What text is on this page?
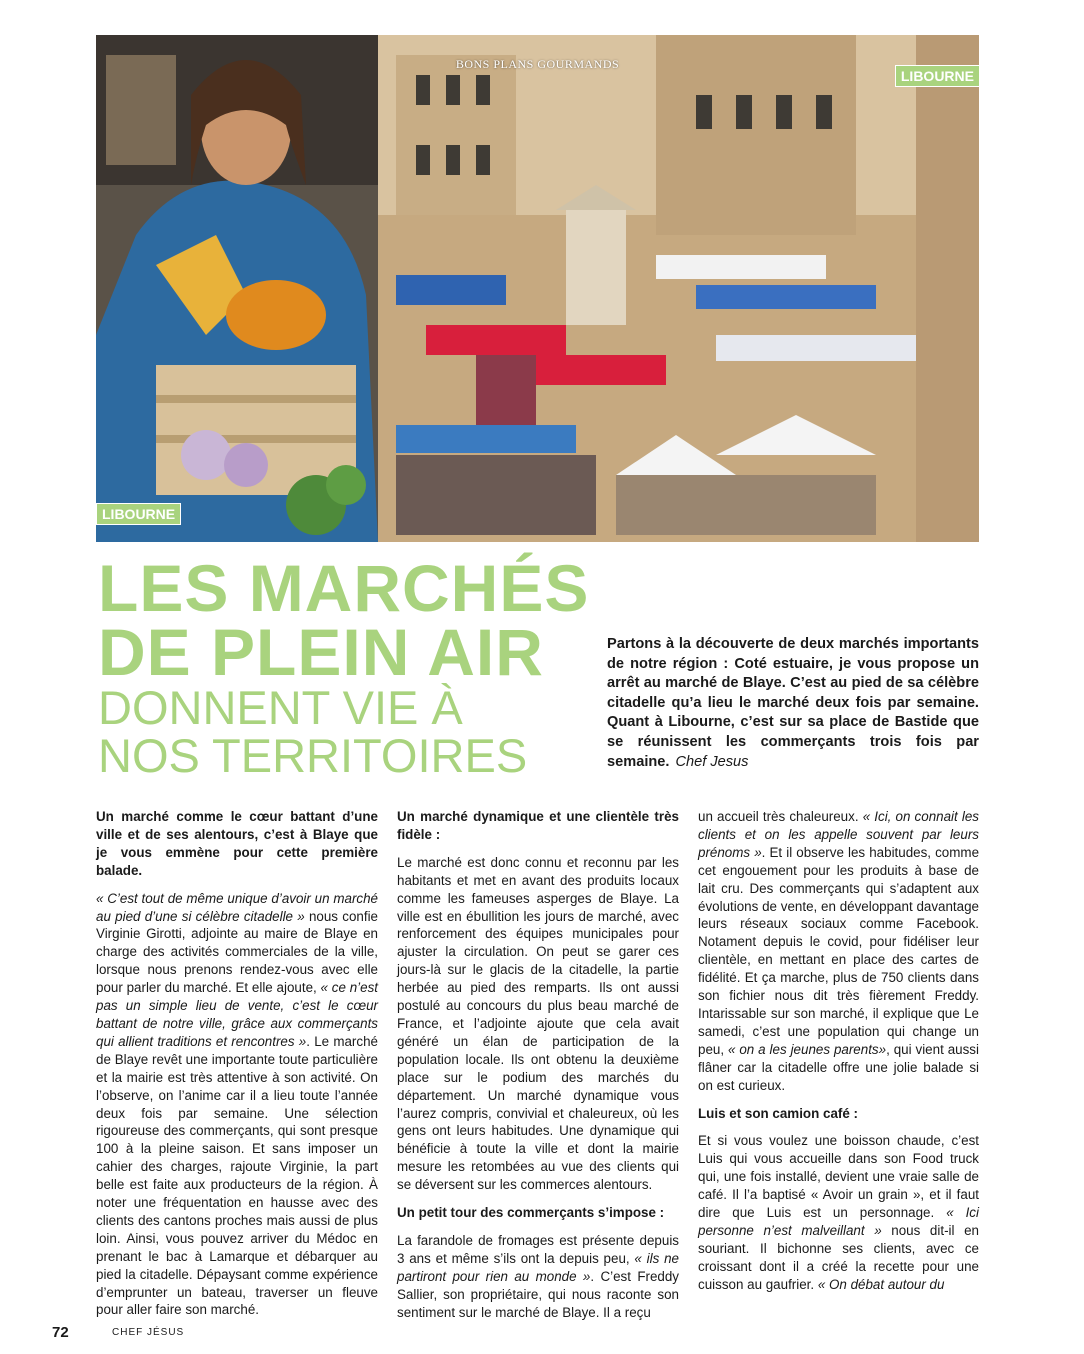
BONS PLANS GOURMANDS
LIBOURNE
LIBOURNE
LES MARCHÉS
DE PLEIN AIR
DONNENT VIE À
NOS TERRITOIRES
Partons à la découverte de deux marchés importants de notre région : Coté estuaire, je vous propose un arrêt au marché de Blaye. C’est au pied de sa célèbre citadelle qu’a lieu le marché deux fois par semaine. Quant à Libourne, c’est sur sa place de Bastide que se réunissent les commerçants trois fois par semaine. Chef Jesus

Un marché comme le cœur battant d’une ville et de ses alentours, c’est à Blaye que je vous emmène pour cette première balade.

« C’est tout de même unique d’avoir un marché au pied d’une si célèbre citadelle » nous confie Virginie Girotti, adjointe au maire de Blaye en charge des activités commerciales de la ville, lorsque nous prenons rendez-vous avec elle pour parler du marché. Et elle ajoute, « ce n’est pas un simple lieu de vente, c’est le cœur battant de notre ville, grâce aux commerçants qui allient traditions et rencontres ». Le marché de Blaye revêt une importante toute particulière et la mairie est très attentive à son activité. On l’observe, on l’anime car il a lieu toute l’année deux fois par semaine. Une sélection rigoureuse des commerçants, qui sont presque 100 à la pleine saison. Et sans imposer un cahier des charges, rajoute Virginie, la part belle est faite aux producteurs de la région. À noter une fréquentation en hausse avec des clients des cantons proches mais aussi de plus loin. Ainsi, vous pouvez arriver du Médoc en prenant le bac à Lamarque et débarquer au pied la citadelle. Dépaysant comme expérience d’emprunter un bateau, traverser un fleuve pour aller faire son marché.

Un marché dynamique et une clientèle très fidèle :

Le marché est donc connu et reconnu par les habitants et met en avant des produits locaux comme les fameuses asperges de Blaye. La ville est en ébullition les jours de marché, avec renforcement des équipes municipales pour ajuster la circulation. On peut se garer ces jours-là sur le glacis de la citadelle, la partie herbée au pied des remparts. Ils ont aussi postulé au concours du plus beau marché de France, et l’adjointe ajoute que cela avait généré un élan de participation de la population locale. Ils ont obtenu la deuxième place sur le podium des marchés du département. Un marché dynamique vous l’aurez compris, convivial et chaleureux, où les gens ont leurs habitudes. Une dynamique qui bénéficie à toute la ville et dont la mairie mesure les retombées au vue des clients qui se déversent sur les commerces alentours.

Un petit tour des commerçants s’impose :

La farandole de fromages est présente depuis 3 ans et même s’ils ont la depuis peu, « ils ne partiront pour rien au monde ». C’est Freddy Sallier, son propriétaire, qui nous raconte son sentiment sur le marché de Blaye. Il a reçu

un accueil très chaleureux. « Ici, on connait les clients et on les appelle souvent par leurs prénoms ». Et il observe les habitudes, comme cet engouement pour les produits à base de lait cru. Des commerçants qui s’adaptent aux évolutions de vente, en développant davantage leurs réseaux sociaux comme Facebook. Notament depuis le covid, pour fidéliser leur clientèle, en mettant en place des cartes de fidélité. Et ça marche, plus de 750 clients dans son fichier nous dit très fièrement Freddy. Intarissable sur son marché, il explique que Le samedi, c’est une population qui change un peu, « on a les jeunes parents», qui vient aussi flâner car la citadelle offre une jolie balade si on est curieux.

Luis et son camion café :

Et si vous voulez une boisson chaude, c’est Luis qui vous accueille dans son Food truck qui, une fois installé, devient une vraie salle de café. Il l’a baptisé « Avoir un grain », et il faut dire que Luis est un personnage. « Ici personne n’est malveillant » nous dit-il en souriant. Il bichonne ses clients, avec ce croissant dont il a créé la recette pour une cuisson au gaufrier. « On débat autour du

72	CHEF JÉSUS
